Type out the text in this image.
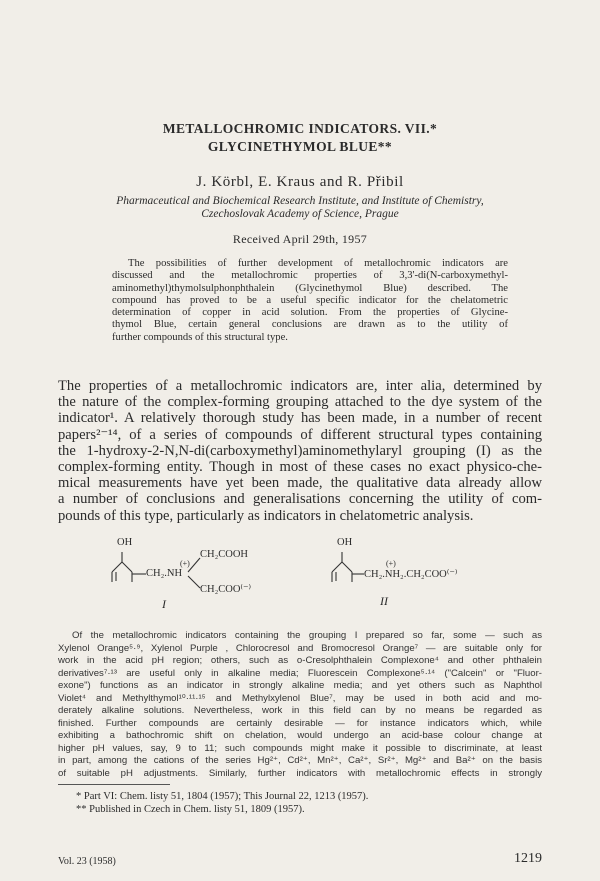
METALLOCHROMIC INDICATORS. VII.*
GLYCINETHYMOL BLUE**
J. Körbl, E. Kraus and R. Přibil
Pharmaceutical and Biochemical Research Institute, and Institute of Chemistry,
Czechoslovak Academy of Science, Prague
Received April 29th, 1957
The possibilities of further development of metallochromic indicators are
discussed and the metallochromic properties of 3,3'-di(N-carboxymethyl-
aminomethyl)thymolsulphonphthalein (Glycinethymol Blue) described. The
compound has proved to be a useful specific indicator for the chelatometric
determination of copper in acid solution. From the properties of Glycine-
thymol Blue, certain general conclusions are drawn as to the utility of
further compounds of this structural type.
The properties of a metallochromic indicators are, inter alia, determined by
the nature of the complex-forming grouping attached to the dye system of the
indicator¹. A relatively thorough study has been made, in a number of recent
papers²⁻¹⁴, of a series of compounds of different structural types containing
the 1-hydroxy-2-N,N-di(carboxymethyl)aminomethylaryl grouping (I) as the
complex-forming entity. Though in most of these cases no exact physico-che-
mical measurements have yet been made, the qualitative data already allow
a number of conclusions and generalisations concerning the utility of com-
pounds of this type, particularly as indicators in chelatometric analysis.
OH
(+)
CH₂.NH
CH₂COOH
CH₂COO⁽⁻⁾
I
OH
(+)
CH₂.NH₂.CH₂COO⁽⁻⁾
II
Of the metallochromic indicators containing the grouping I prepared so far, some — such as
Xylenol Orange⁵·⁹, Xylenol Purple , Chlorocresol and Bromocresol Orange⁷ — are suitable only for
work in the acid pH region; others, such as o-Cresolphthalein Complexone⁴ and other phthalein
derivatives⁷·¹³ are useful only in alkaline media; Fluorescein Complexone⁵·¹⁴ ("Calcein" or "Fluor-
exone") functions as an indicator in strongly alkaline media; and yet others such as Naphthol
Violet⁴ and Methylthymol¹⁰·¹¹·¹⁵ and Methylxylenol Blue⁷, may be used in both acid and mo-
derately alkaline solutions. Nevertheless, work in this field can by no means be regarded as
finished. Further compounds are certainly desirable — for instance indicators which, while
exhibiting a bathochromic shift on chelation, would undergo an acid-base colour change at
higher pH values, say, 9 to 11; such compounds might make it possible to discriminate, at least
in part, among the cations of the series Hg²⁺, Cd²⁺, Mn²⁺, Ca²⁺, Sr²⁺, Mg²⁺ and Ba²⁺ on the basis
of suitable pH adjustments. Similarly, further indicators with metallochromic effects in strongly
* Part VI: Chem. listy 51, 1804 (1957); This Journal 22, 1213 (1957).
** Published in Czech in Chem. listy 51, 1809 (1957).
Vol. 23 (1958)	1219
